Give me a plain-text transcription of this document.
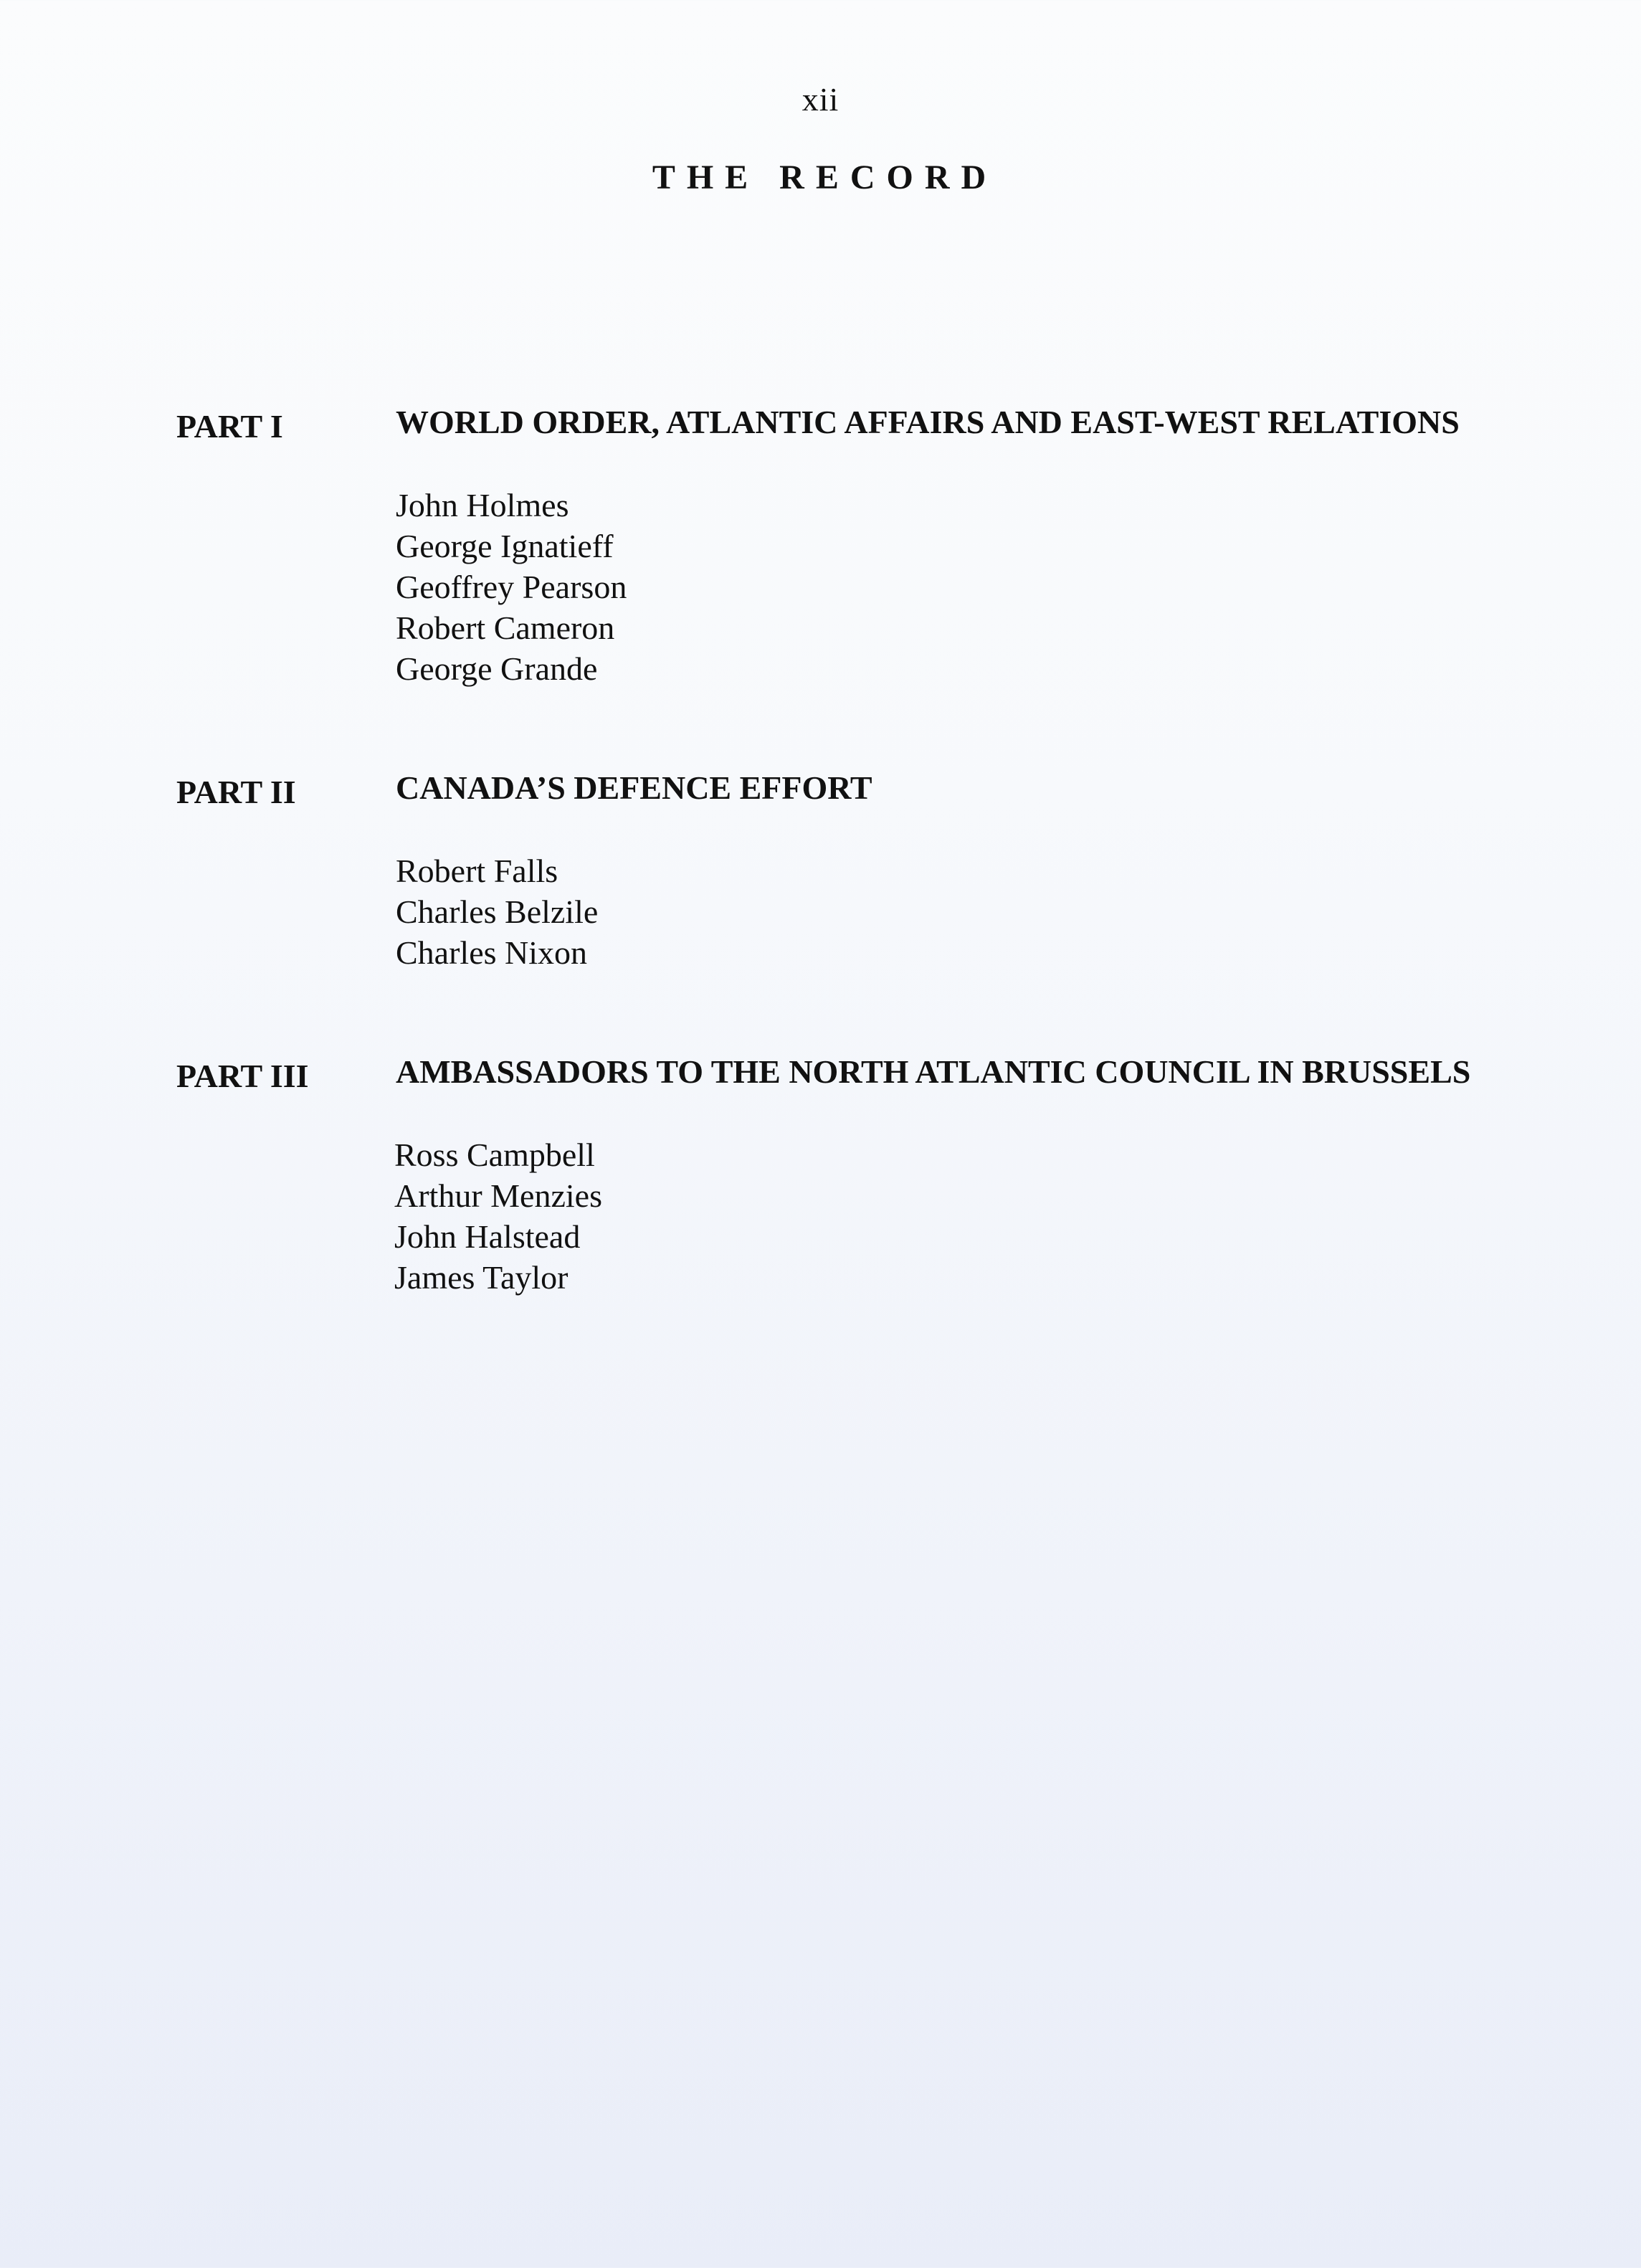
xii
THE RECORD
PART I	WORLD ORDER, ATLANTIC AFFAIRS AND EAST-WEST RELATIONS
John Holmes
George Ignatieff
Geoffrey Pearson
Robert Cameron
George Grande
PART II	CANADA’S DEFENCE EFFORT
Robert Falls
Charles Belzile
Charles Nixon
PART III	AMBASSADORS TO THE NORTH ATLANTIC COUNCIL IN BRUSSELS
Ross Campbell
Arthur Menzies
John Halstead
James Taylor
